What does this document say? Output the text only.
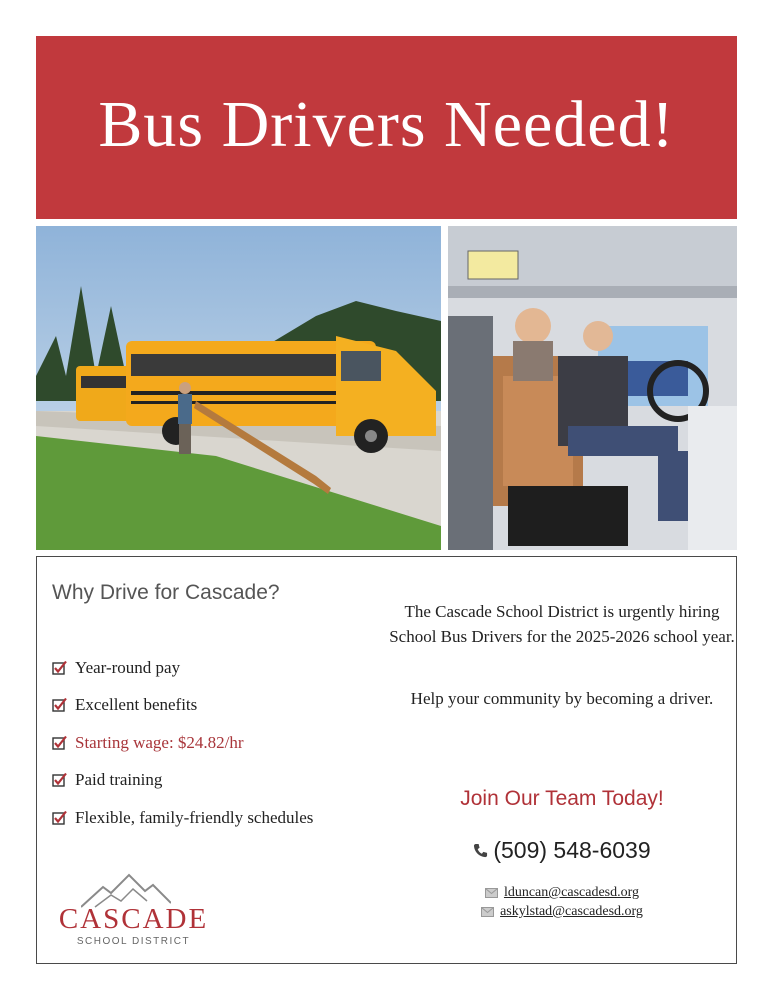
Bus Drivers Needed!
Why Drive for Cascade?
Year-round pay
Excellent benefits
Starting wage: $24.82/hr
Paid training
Flexible, family-friendly schedules

The Cascade School District is urgently hiring School Bus Drivers for the 2025-2026 school year.

Help your community by becoming a driver.

Join Our Team Today!
(509) 548-6039
lduncan@cascadesd.org
askylstad@cascadesd.org
CASCADE
SCHOOL DISTRICT
